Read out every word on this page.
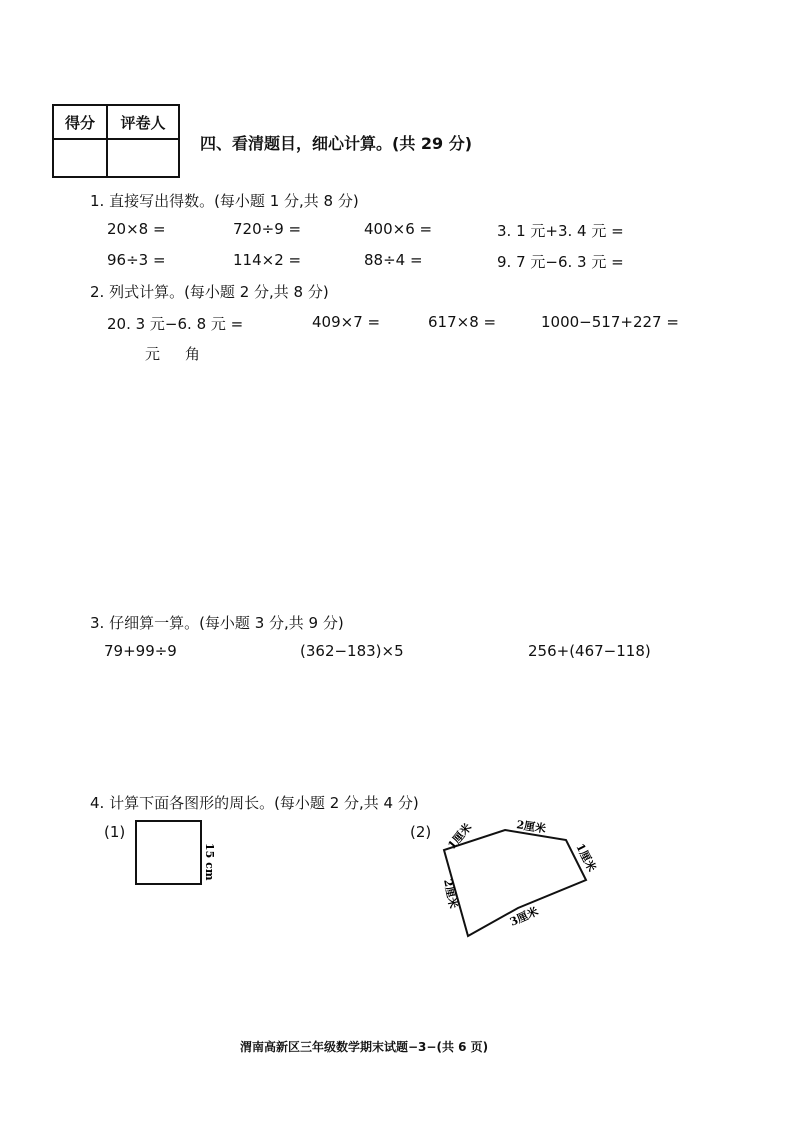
得分	评卷人

四、看清题目，细心计算。(共 29 分)
1. 直接写出得数。(每小题 1 分,共 8 分)
20×8 =	720÷9 =	400×6 =	3. 1 元+3. 4 元 =
96÷3 =	114×2 =	88÷4 =	9. 7 元−6. 3 元 =
2. 列式计算。(每小题 2 分,共 8 分)
20. 3 元−6. 8 元 =	409×7 =	617×8 =	1000−517+227 =
元 角
3. 仔细算一算。(每小题 3 分,共 9 分)
79+99÷9	(362−183)×5	256+(467−118)
4. 计算下面各图形的周长。(每小题 2 分,共 4 分)
(1)	(2)
15 cm
1厘米	2厘米
1厘米
2厘米
3厘米
渭南高新区三年级数学期末试题−3−(共 6 页)
